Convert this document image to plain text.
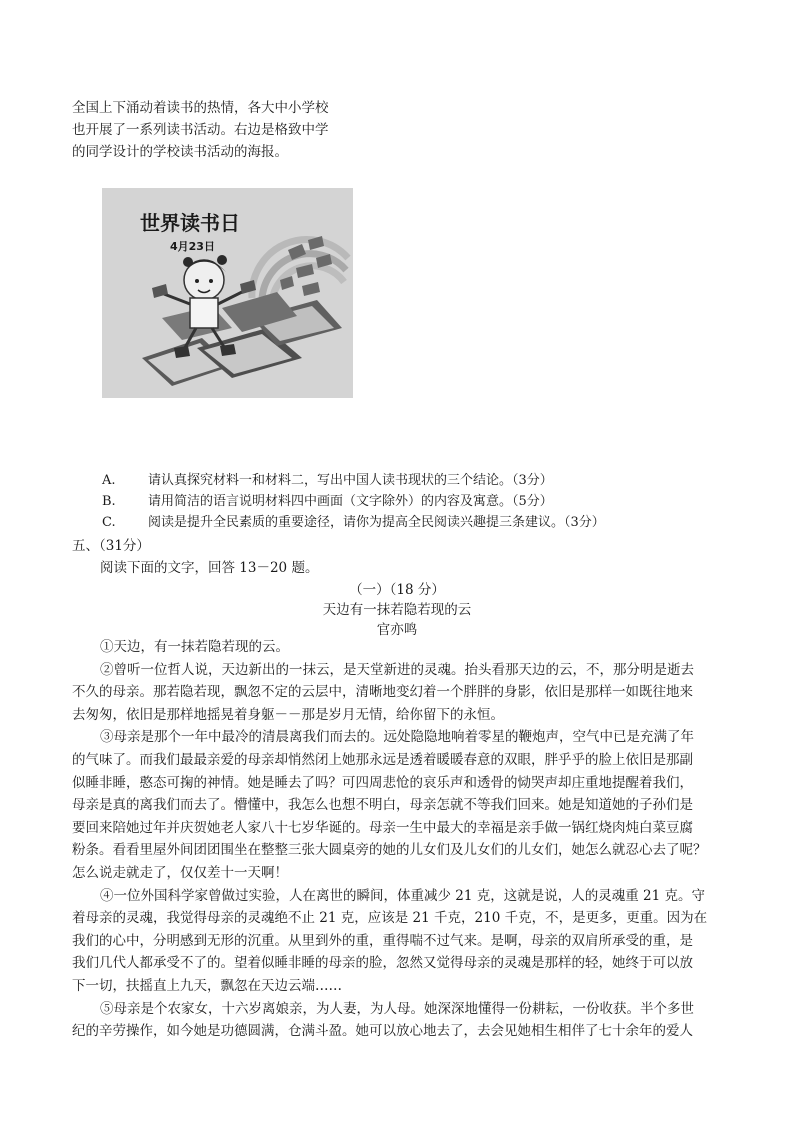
全国上下涌动着读书的热情，各大中小学校
也开展了一系列读书活动。右边是格致中学
的同学设计的学校读书活动的海报。
世界读书日
4月23日
A.	请认真探究材料一和材料二，写出中国人读书现状的三个结论。（3分）
B.	请用简洁的语言说明材料四中画面（文字除外）的内容及寓意。（5分）
C.	阅读是提升全民素质的重要途径，请你为提高全民阅读兴趣提三条建议。（3分）
五、（31分）
阅读下面的文字，回答 13－20 题。
（一）（18 分）
天边有一抹若隐若现的云
官亦鸣
①天边，有一抹若隐若现的云。
②曾听一位哲人说，天边新出的一抹云，是天堂新进的灵魂。抬头看那天边的云，不，那分明是逝去
不久的母亲。那若隐若现，飘忽不定的云层中，清晰地变幻着一个胖胖的身影，依旧是那样一如既往地来
去匆匆，依旧是那样地摇晃着身躯－－那是岁月无情，给你留下的永恒。
③母亲是那个一年中最冷的清晨离我们而去的。远处隐隐地响着零星的鞭炮声，空气中已是充满了年
的气味了。而我们最最亲爱的母亲却悄然闭上她那永远是透着暖暖春意的双眼，胖乎乎的脸上依旧是那副
似睡非睡，憨态可掬的神情。她是睡去了吗？可四周悲怆的哀乐声和透骨的恸哭声却庄重地提醒着我们，
母亲是真的离我们而去了。懵懂中，我怎么也想不明白，母亲怎就不等我们回来。她是知道她的子孙们是
要回来陪她过年并庆贺她老人家八十七岁华诞的。母亲一生中最大的幸福是亲手做一锅红烧肉炖白菜豆腐
粉条。看看里屋外间团团围坐在整整三张大圆桌旁的她的儿女们及儿女们的儿女们，她怎么就忍心去了呢？
怎么说走就走了，仅仅差十一天啊！
④一位外国科学家曾做过实验，人在离世的瞬间，体重减少 21 克，这就是说，人的灵魂重 21 克。守
着母亲的灵魂，我觉得母亲的灵魂绝不止 21 克，应该是 21 千克，210 千克，不，是更多，更重。因为在
我们的心中，分明感到无形的沉重。从里到外的重，重得喘不过气来。是啊，母亲的双肩所承受的重，是
我们几代人都承受不了的。望着似睡非睡的母亲的脸，忽然又觉得母亲的灵魂是那样的轻，她终于可以放
下一切，扶摇直上九天，飘忽在天边云端……
⑤母亲是个农家女，十六岁离娘亲，为人妻，为人母。她深深地懂得一份耕耘，一份收获。半个多世
纪的辛劳操作，如今她是功德圆满，仓满斗盈。她可以放心地去了，去会见她相生相伴了七十余年的爱人
